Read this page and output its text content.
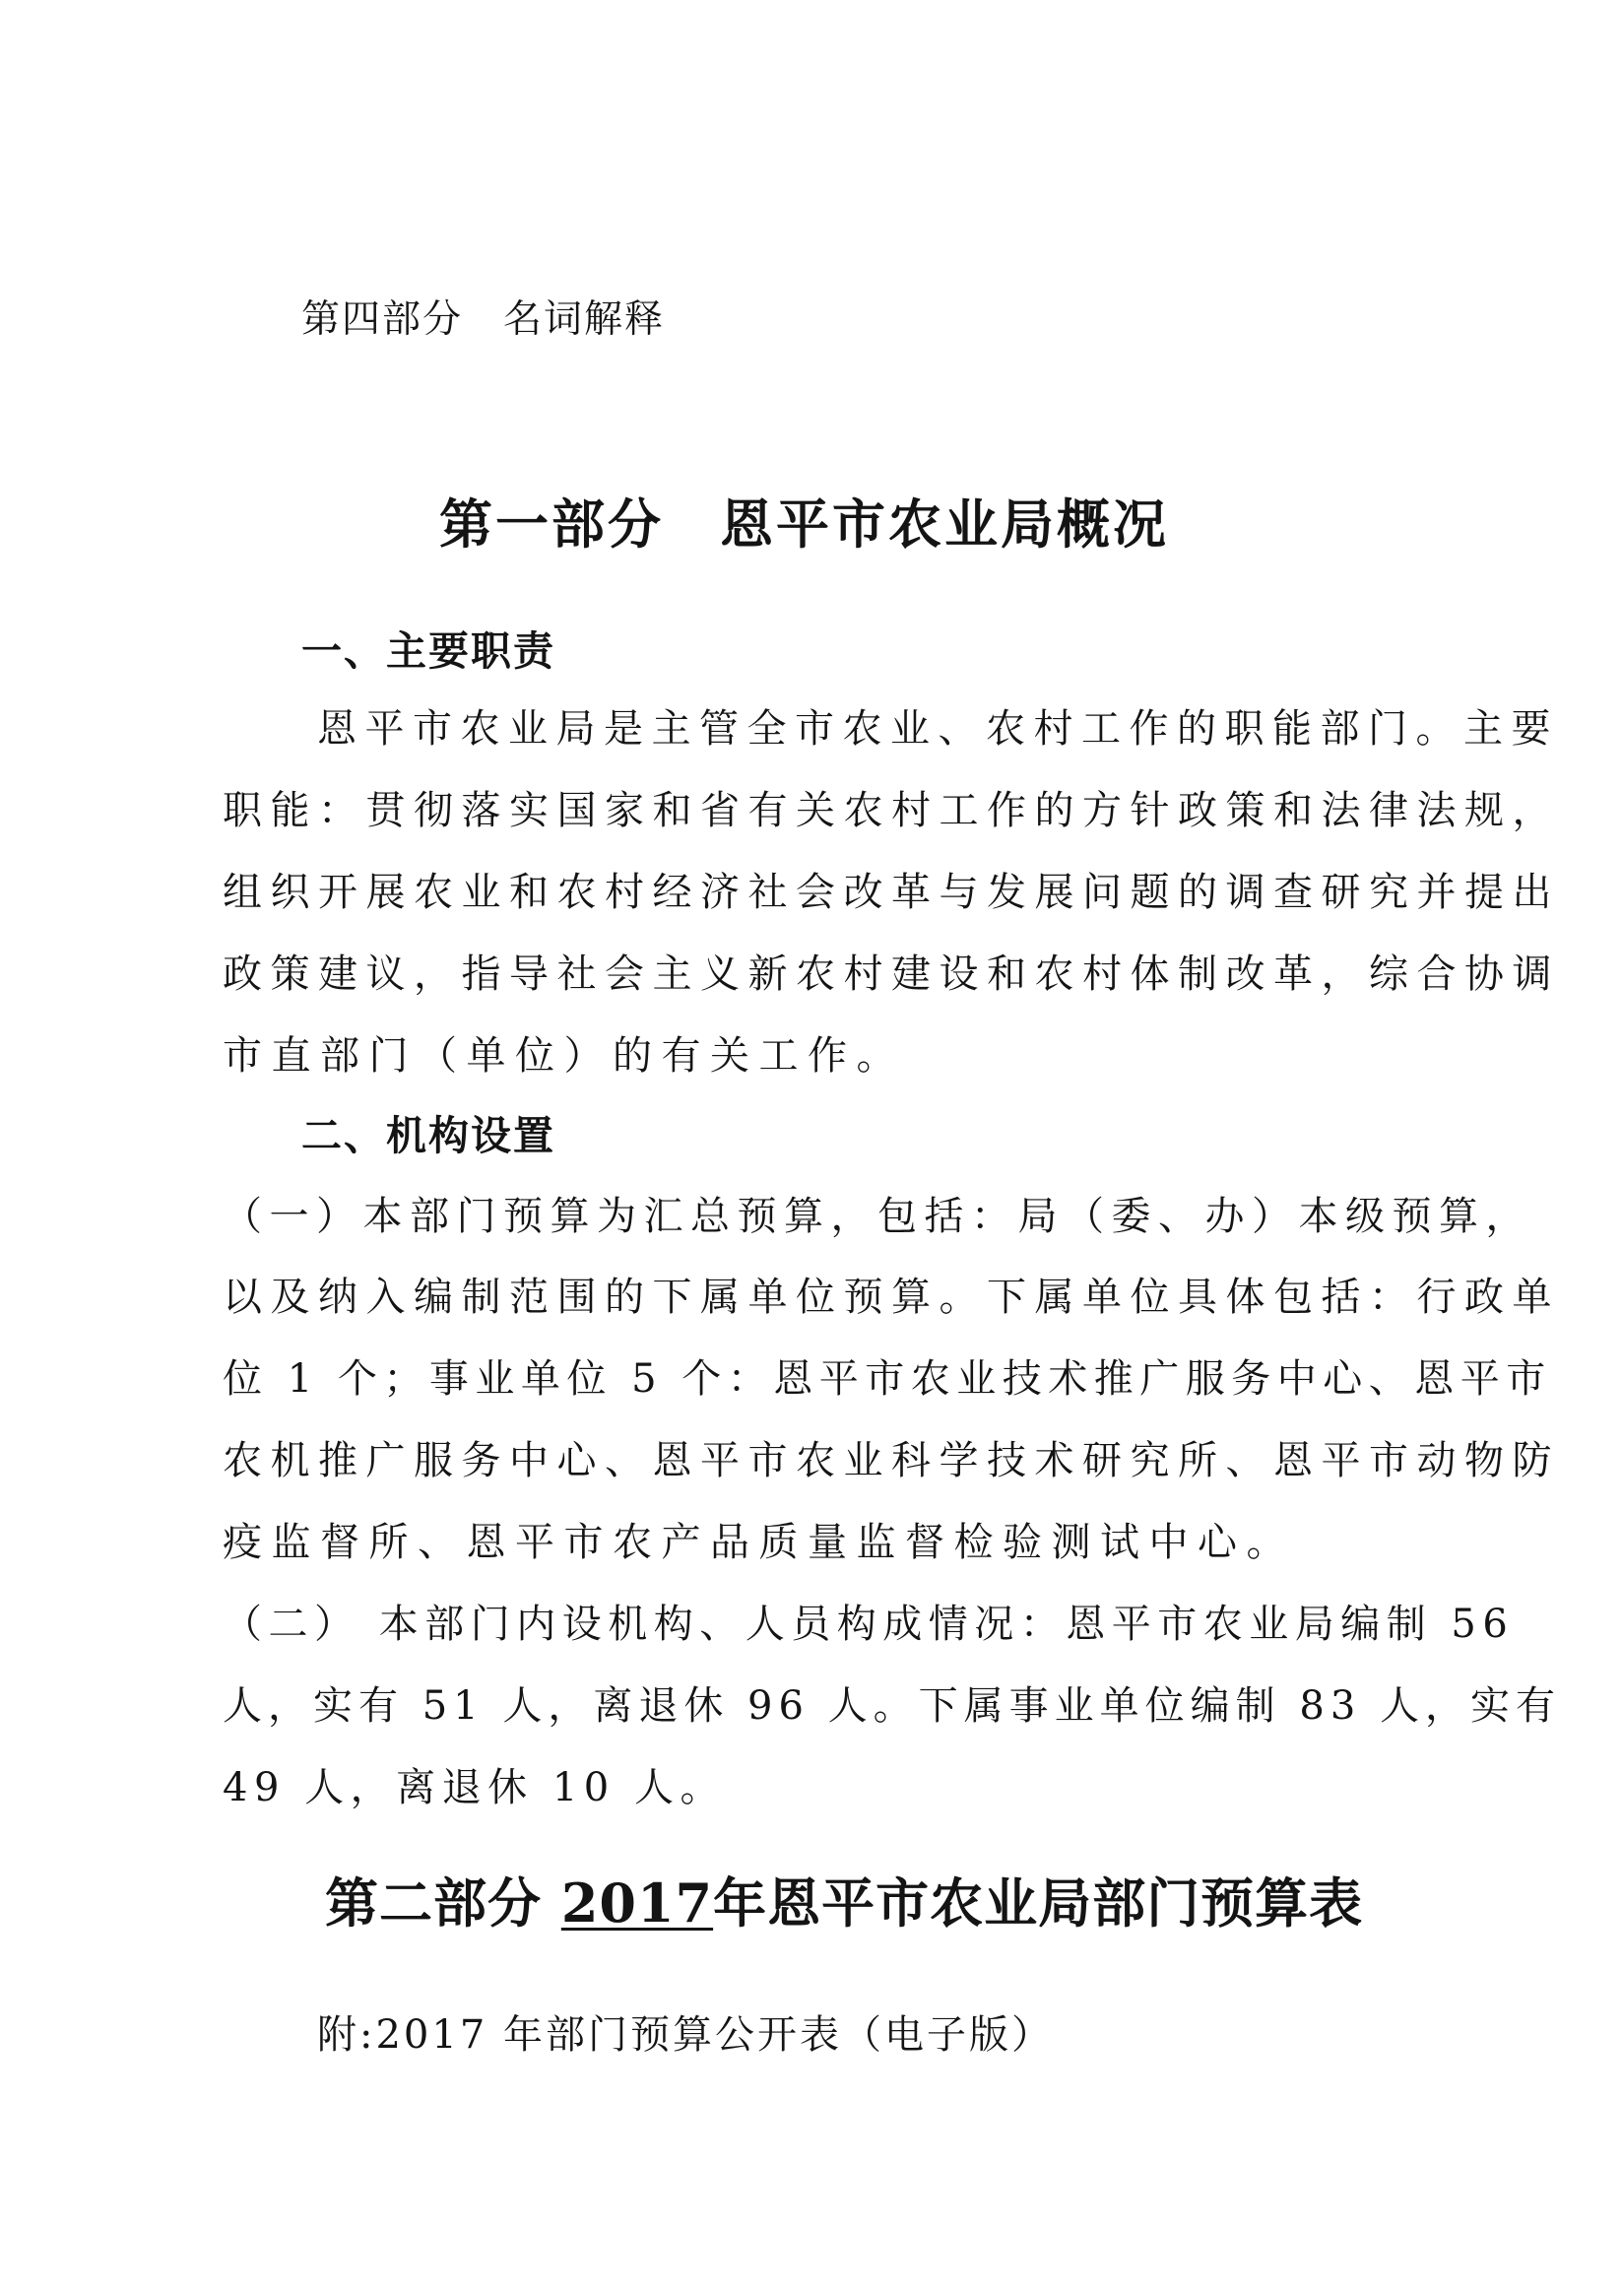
第四部分　名词解释

第一部分　恩平市农业局概况
一、主要职责

恩平市农业局是主管全市农业、农村工作的职能部门。主要

职能：贯彻落实国家和省有关农村工作的方针政策和法律法规，

组织开展农业和农村经济社会改革与发展问题的调查研究并提出

政策建议，指导社会主义新农村建设和农村体制改革，综合协调

市直部门（单位）的有关工作。

二、机构设置

（一）本部门预算为汇总预算，包括：局（委、办）本级预算，

以及纳入编制范围的下属单位预算。下属单位具体包括：行政单

位 1 个；事业单位 5 个：恩平市农业技术推广服务中心、恩平市

农机推广服务中心、恩平市农业科学技术研究所、恩平市动物防

疫监督所、恩平市农产品质量监督检验测试中心。

（二） 本部门内设机构、人员构成情况：恩平市农业局编制 56

人，实有 51 人，离退休 96 人。下属事业单位编制 83 人，实有

49 人，离退休 10 人。

第二部分 2017年恩平市农业局部门预算表

附:2017 年部门预算公开表（电子版）
